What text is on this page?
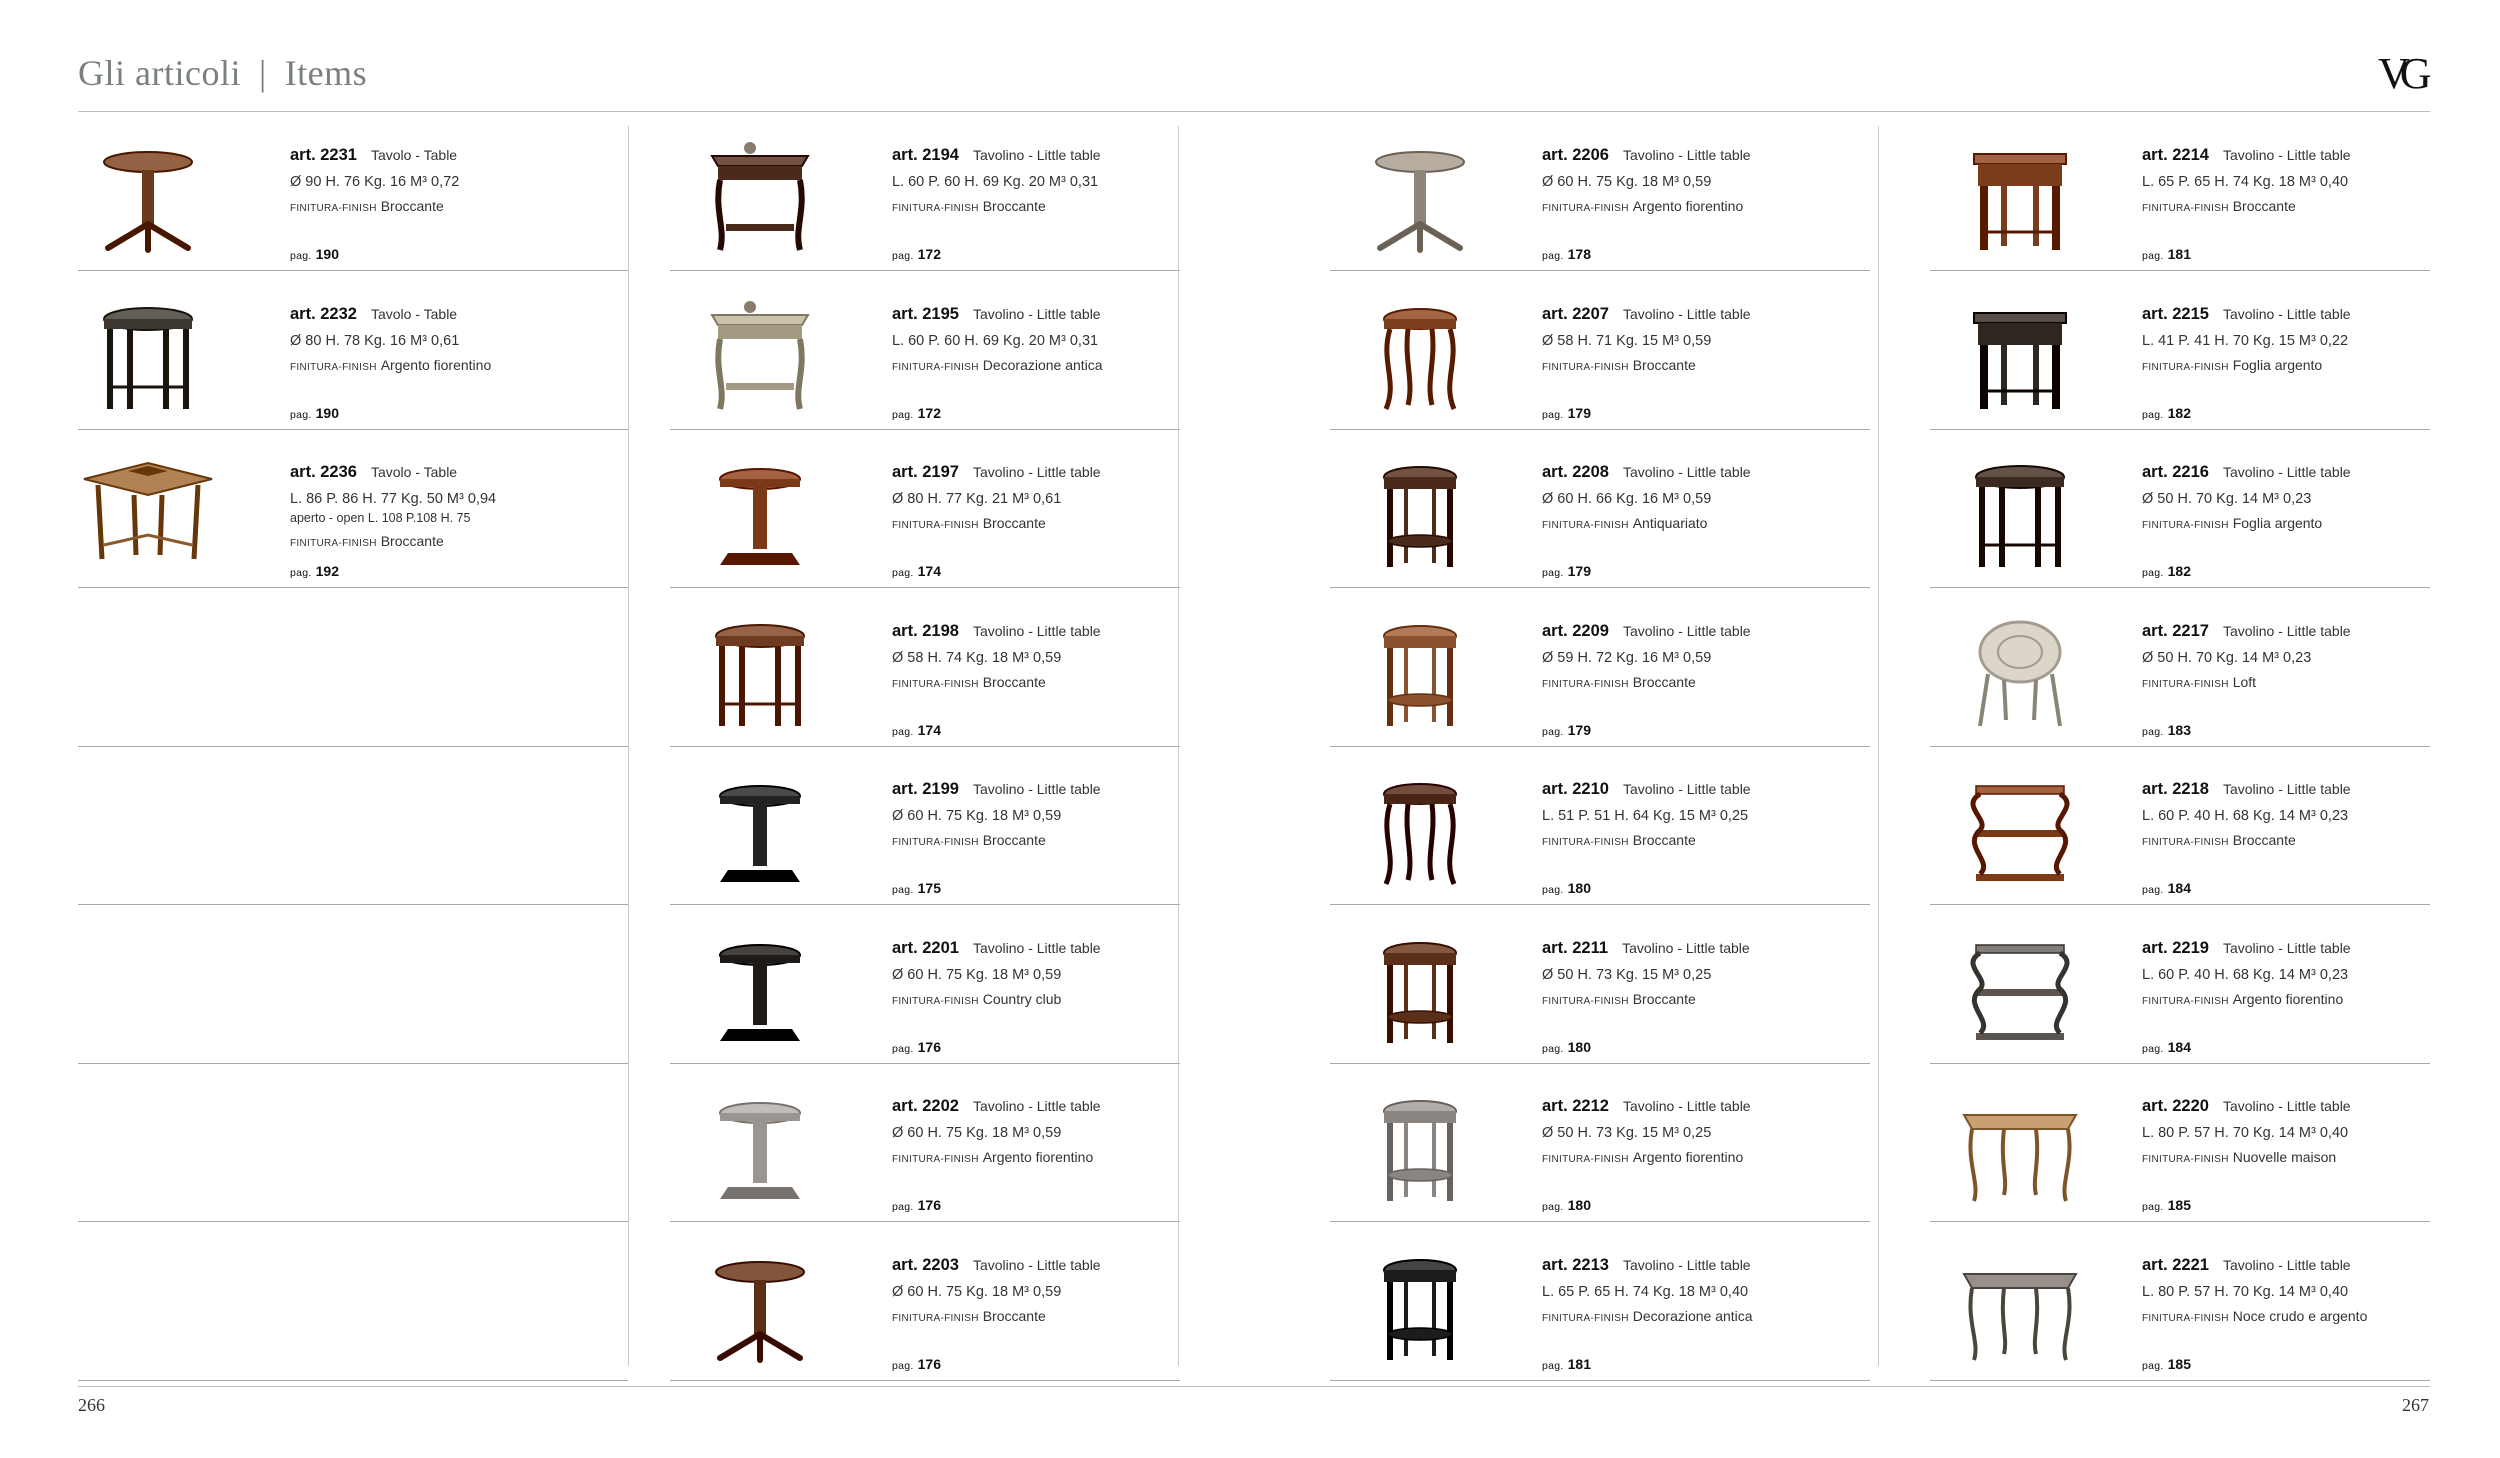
Gli articoli | Items	VG
art. 2231 Tavolo - Table
Ø 90 H. 76 Kg. 16 M³ 0,72
FINITURA-FINISH Broccante
pag. 190
art. 2232 Tavolo - Table
Ø 80 H. 78 Kg. 16 M³ 0,61
FINITURA-FINISH Argento fiorentino
pag. 190
art. 2236 Tavolo - Table
L. 86 P. 86 H. 77 Kg. 50 M³ 0,94
aperto - open L. 108 P.108 H. 75
FINITURA-FINISH Broccante
pag. 192
art. 2194 Tavolino - Little table
L. 60 P. 60 H. 69 Kg. 20 M³ 0,31
FINITURA-FINISH Broccante
pag. 172
art. 2195 Tavolino - Little table
L. 60 P. 60 H. 69 Kg. 20 M³ 0,31
FINITURA-FINISH Decorazione antica
pag. 172
art. 2197 Tavolino - Little table
Ø 80 H. 77 Kg. 21 M³ 0,61
FINITURA-FINISH Broccante
pag. 174
art. 2198 Tavolino - Little table
Ø 58 H. 74 Kg. 18 M³ 0,59
FINITURA-FINISH Broccante
pag. 174
art. 2199 Tavolino - Little table
Ø 60 H. 75 Kg. 18 M³ 0,59
FINITURA-FINISH Broccante
pag. 175
art. 2201 Tavolino - Little table
Ø 60 H. 75 Kg. 18 M³ 0,59
FINITURA-FINISH Country club
pag. 176
art. 2202 Tavolino - Little table
Ø 60 H. 75 Kg. 18 M³ 0,59
FINITURA-FINISH Argento fiorentino
pag. 176
art. 2203 Tavolino - Little table
Ø 60 H. 75 Kg. 18 M³ 0,59
FINITURA-FINISH Broccante
pag. 176
art. 2206 Tavolino - Little table
Ø 60 H. 75 Kg. 18 M³ 0,59
FINITURA-FINISH Argento fiorentino
pag. 178
art. 2207 Tavolino - Little table
Ø 58 H. 71 Kg. 15 M³ 0,59
FINITURA-FINISH Broccante
pag. 179
art. 2208 Tavolino - Little table
Ø 60 H. 66 Kg. 16 M³ 0,59
FINITURA-FINISH Antiquariato
pag. 179
art. 2209 Tavolino - Little table
Ø 59 H. 72 Kg. 16 M³ 0,59
FINITURA-FINISH Broccante
pag. 179
art. 2210 Tavolino - Little table
L. 51 P. 51 H. 64 Kg. 15 M³ 0,25
FINITURA-FINISH Broccante
pag. 180
art. 2211 Tavolino - Little table
Ø 50 H. 73 Kg. 15 M³ 0,25
FINITURA-FINISH Broccante
pag. 180
art. 2212 Tavolino - Little table
Ø 50 H. 73 Kg. 15 M³ 0,25
FINITURA-FINISH Argento fiorentino
pag. 180
art. 2213 Tavolino - Little table
L. 65 P. 65 H. 74 Kg. 18 M³ 0,40
FINITURA-FINISH Decorazione antica
pag. 181
art. 2214 Tavolino - Little table
L. 65 P. 65 H. 74 Kg. 18 M³ 0,40
FINITURA-FINISH Broccante
pag. 181
art. 2215 Tavolino - Little table
L. 41 P. 41 H. 70 Kg. 15 M³ 0,22
FINITURA-FINISH Foglia argento
pag. 182
art. 2216 Tavolino - Little table
Ø 50 H. 70 Kg. 14 M³ 0,23
FINITURA-FINISH Foglia argento
pag. 182
art. 2217 Tavolino - Little table
Ø 50 H. 70 Kg. 14 M³ 0,23
FINITURA-FINISH Loft
pag. 183
art. 2218 Tavolino - Little table
L. 60 P. 40 H. 68 Kg. 14 M³ 0,23
FINITURA-FINISH Broccante
pag. 184
art. 2219 Tavolino - Little table
L. 60 P. 40 H. 68 Kg. 14 M³ 0,23
FINITURA-FINISH Argento fiorentino
pag. 184
art. 2220 Tavolino - Little table
L. 80 P. 57 H. 70 Kg. 14 M³ 0,40
FINITURA-FINISH Nuovelle maison
pag. 185
art. 2221 Tavolino - Little table
L. 80 P. 57 H. 70 Kg. 14 M³ 0,40
FINITURA-FINISH Noce crudo e argento
pag. 185
266	267
